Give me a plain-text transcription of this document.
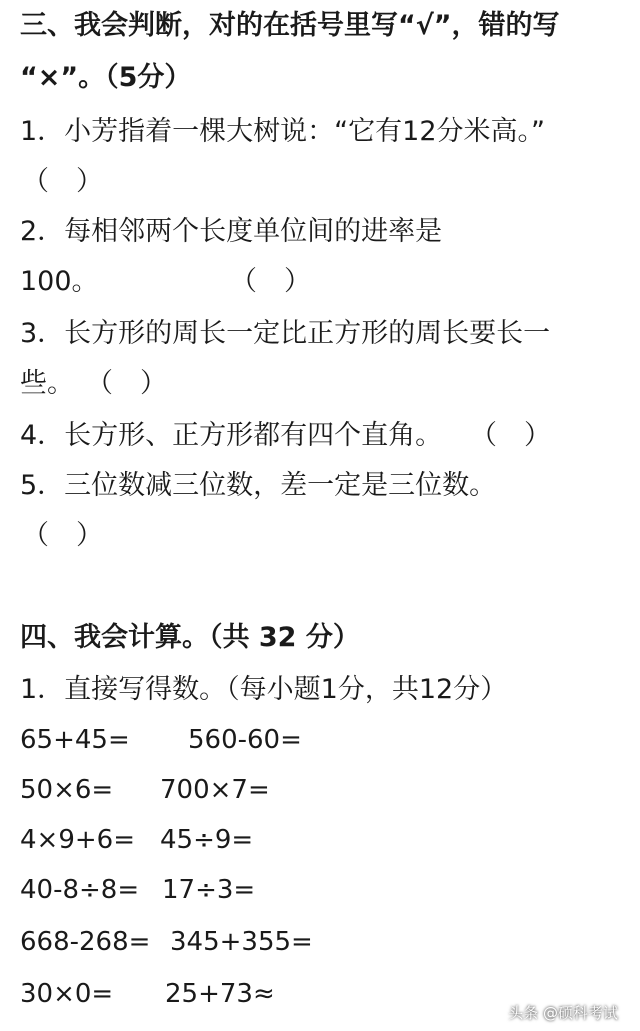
三、我会判断，对的在括号里写“√”，错的写
“×”。（5分）
1．小芳指着一棵大树说：“它有12分米高。”
（　）
2．每相邻两个长度单位间的进率是
100。	（　）
3．长方形的周长一定比正方形的周长要长一
些。 （　）
4．长方形、正方形都有四个直角。 （　）
5．三位数减三位数，差一定是三位数。
（　）
四、我会计算。（共 32 分）
1．直接写得数。（每小题1分，共12分）
65+45= 560-60=
50×6= 700×7=
4×9+6= 45÷9=
40-8÷8= 17÷3=
668-268= 345+355=
30×0= 25+73≈
头条 @硕科考试
